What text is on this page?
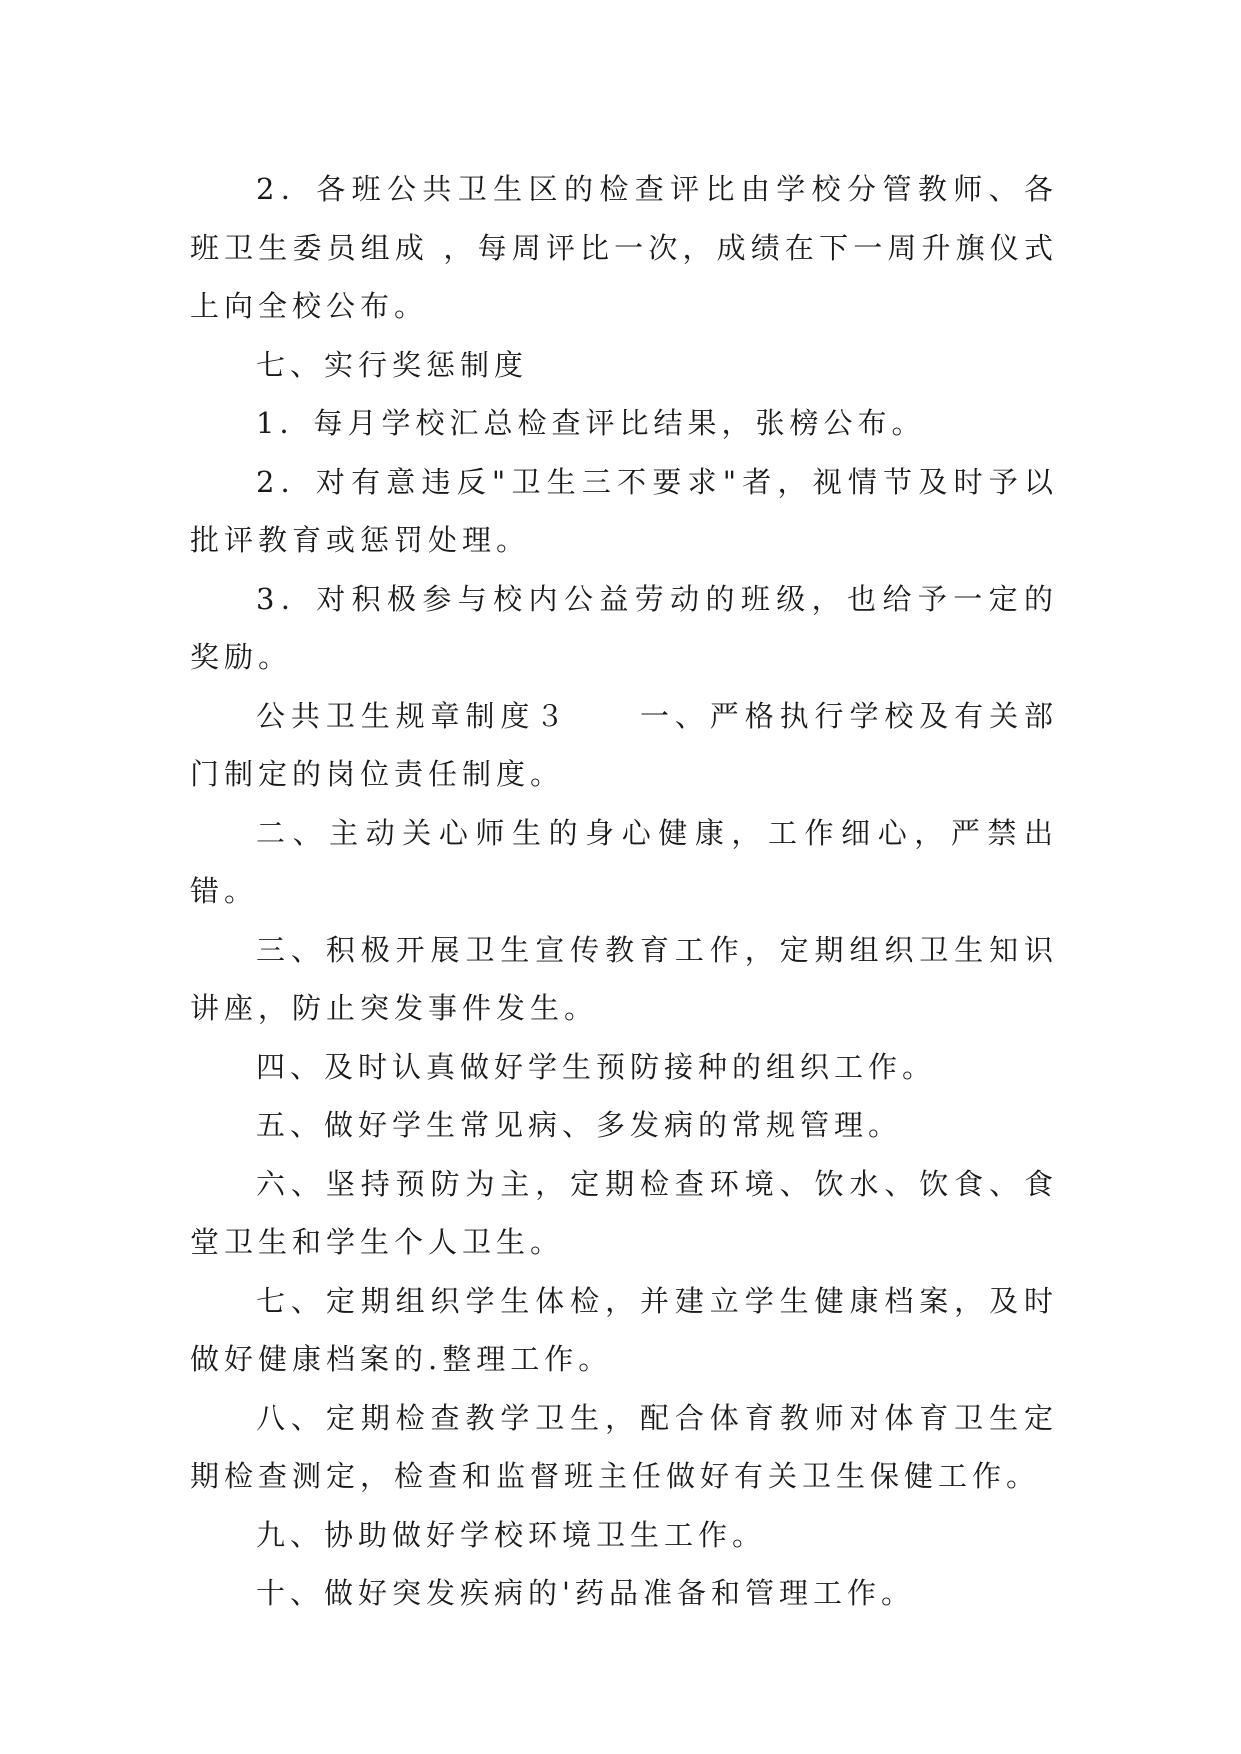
2．各班公共卫生区的检查评比由学校分管教师、各班卫生委员组成 ，每周评比一次，成绩在下一周升旗仪式上向全校公布。

七、实行奖惩制度

1．每月学校汇总检查评比结果，张榜公布。

2．对有意违反"卫生三不要求"者，视情节及时予以批评教育或惩罚处理。

3．对积极参与校内公益劳动的班级，也给予一定的奖励。

公共卫生规章制度３　　一、严格执行学校及有关部门制定的岗位责任制度。

二、主动关心师生的身心健康，工作细心，严禁出错。

三、积极开展卫生宣传教育工作，定期组织卫生知识讲座，防止突发事件发生。

四、及时认真做好学生预防接种的组织工作。

五、做好学生常见病、多发病的常规管理。

六、坚持预防为主，定期检查环境、饮水、饮食、食堂卫生和学生个人卫生。

七、定期组织学生体检，并建立学生健康档案，及时做好健康档案的.整理工作。

八、定期检查教学卫生，配合体育教师对体育卫生定期检查测定，检查和监督班主任做好有关卫生保健工作。

九、协助做好学校环境卫生工作。

十、做好突发疾病的'药品准备和管理工作。
